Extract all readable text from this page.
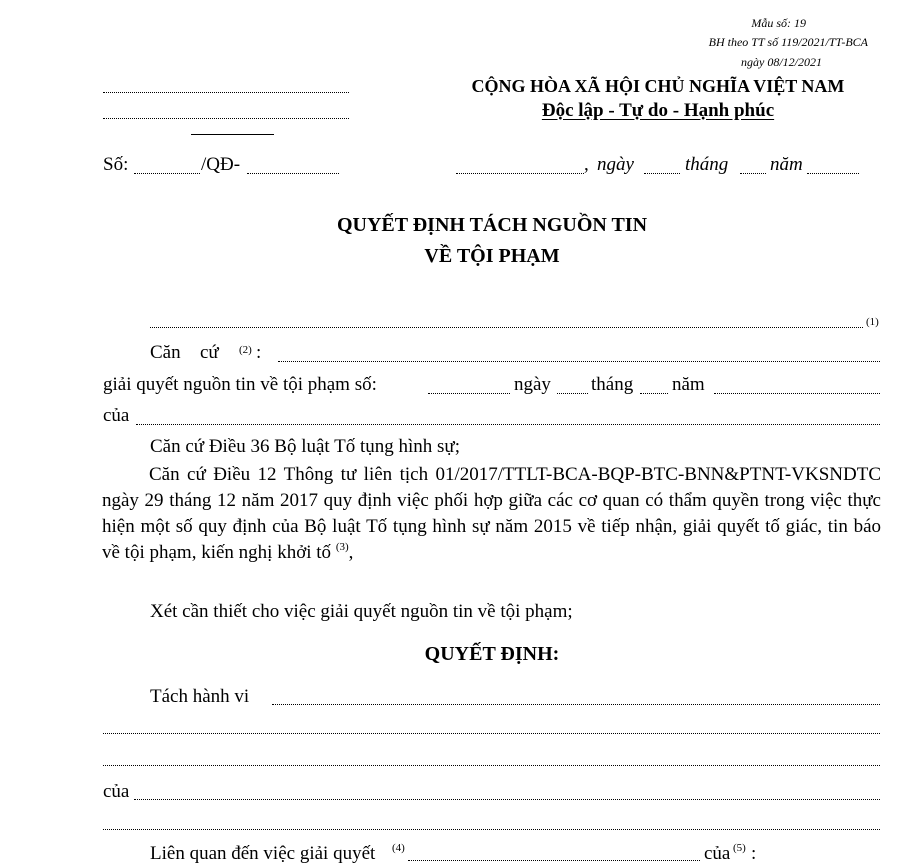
Mẫu số: 19
BH theo TT số 119/2021/TT-BCA
ngày 08/12/2021
CỘNG HÒA XÃ HỘI CHỦ NGHĨA VIỆT NAM
Độc lập - Tự do - Hạnh phúc
Số:	/QĐ-	, ngày	tháng năm
QUYẾT ĐỊNH TÁCH NGUỒN TIN
VỀ TỘI PHẠM
(1)
Căn cứ (2) :
giải quyết nguồn tin về tội phạm số:	ngày tháng năm
của
Căn cứ Điều 36 Bộ luật Tố tụng hình sự;
Căn cứ Điều 12 Thông tư liên tịch 01/2017/TTLT-BCA-BQP-BTC-BNN&PTNT-VKSNDTC ngày 29 tháng 12 năm 2017 quy định việc phối hợp giữa các cơ quan có thẩm quyền trong việc thực hiện một số quy định của Bộ luật Tố tụng hình sự năm 2015 về tiếp nhận, giải quyết tố giác, tin báo về tội phạm, kiến nghị khởi tố $^{(3)}$,
Xét cần thiết cho việc giải quyết nguồn tin về tội phạm;
QUYẾT ĐỊNH:
Tách hành vi
của
Liên quan đến việc giải quyết (4)	của (5) :
